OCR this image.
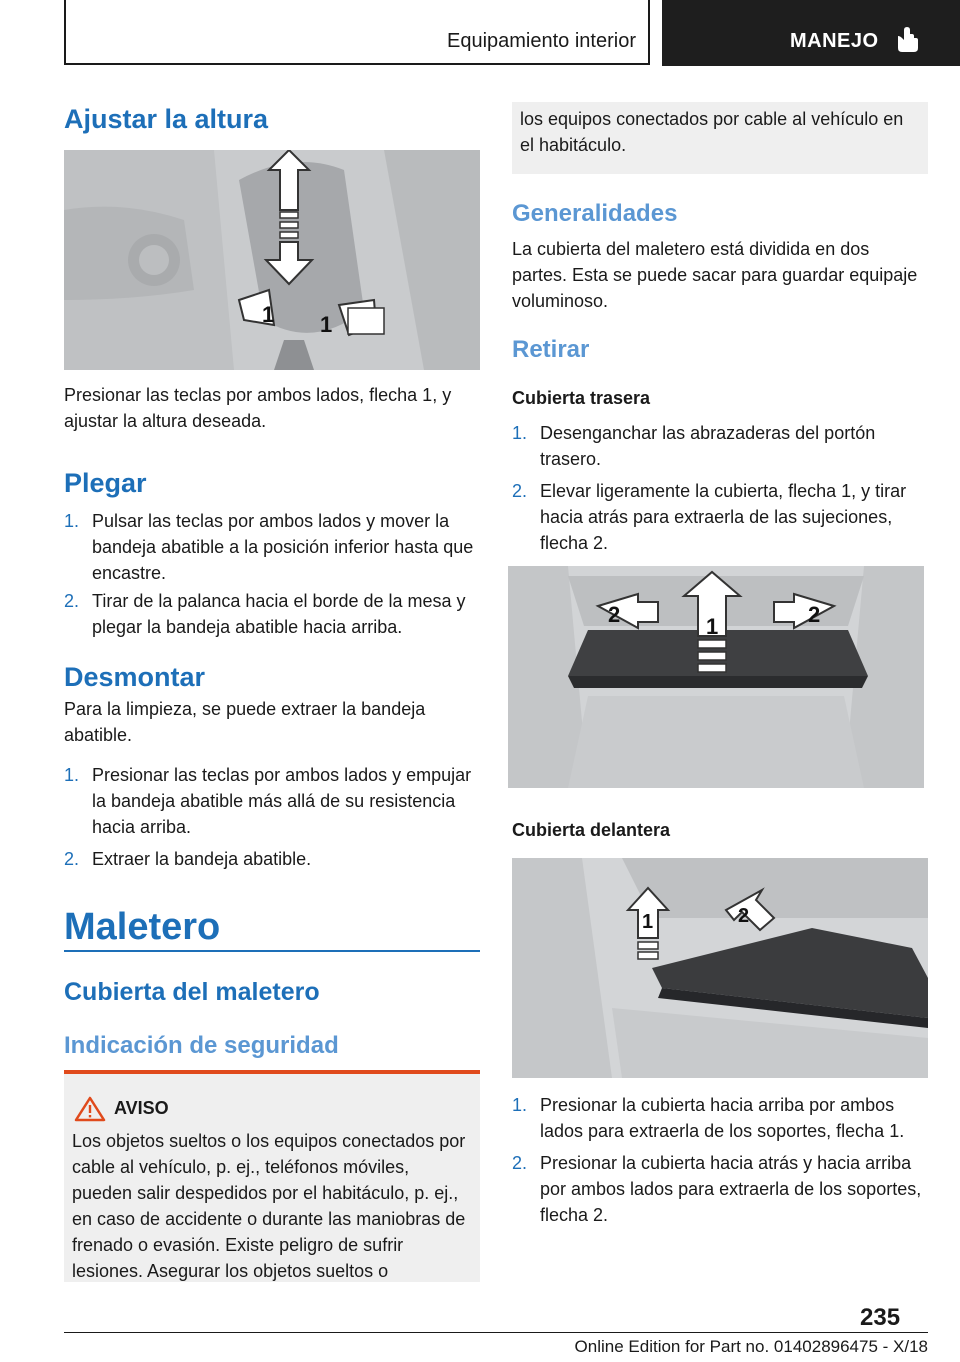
Equipamiento interior	MANEJO
Ajustar la altura
1 1
Presionar las teclas por ambos lados, flecha 1, y ajustar la altura deseada.
Plegar
1. Pulsar las teclas por ambos lados y mover la bandeja abatible a la posición inferior hasta que encastre.
2. Tirar de la palanca hacia el borde de la mesa y plegar la bandeja abatible hacia arriba.
Desmontar
Para la limpieza, se puede extraer la bandeja abatible.
1. Presionar las teclas por ambos lados y empujar la bandeja abatible más allá de su resistencia hacia arriba.
2. Extraer la bandeja abatible.
Maletero
Cubierta del maletero
Indicación de seguridad
AVISO
Los objetos sueltos o los equipos conectados por cable al vehículo, p. ej., teléfonos móviles, pueden salir despedidos por el habitáculo, p. ej., en caso de accidente o durante las maniobras de frenado o evasión. Existe peligro de sufrir lesiones. Asegurar los objetos sueltos o
los equipos conectados por cable al vehículo en el habitáculo.
Generalidades
La cubierta del maletero está dividida en dos partes. Esta se puede sacar para guardar equipaje voluminoso.
Retirar
Cubierta trasera
1. Desenganchar las abrazaderas del portón trasero.
2. Elevar ligeramente la cubierta, flecha 1, y tirar hacia atrás para extraerla de las sujeciones, flecha 2.
2	1	2
Cubierta delantera
1	2
1. Presionar la cubierta hacia arriba por ambos lados para extraerla de los soportes, flecha 1.
2. Presionar la cubierta hacia atrás y hacia arriba por ambos lados para extraerla de los soportes, flecha 2.
235
Online Edition for Part no. 01402896475 - X/18
